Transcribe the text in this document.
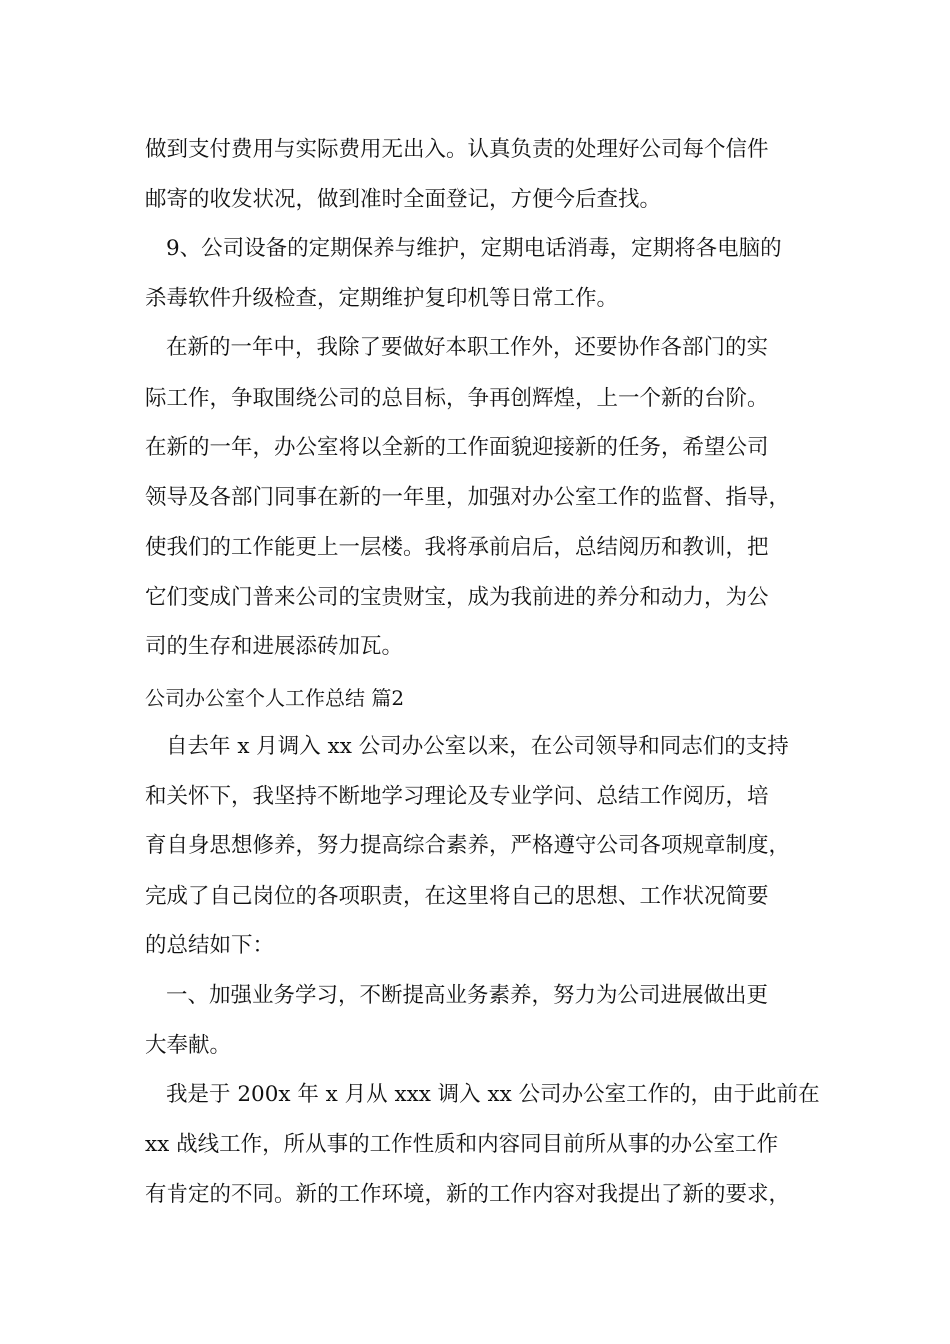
做到支付费用与实际费用无出入。认真负责的处理好公司每个信件
邮寄的收发状况，做到准时全面登记，方便今后查找。
9、公司设备的定期保养与维护，定期电话消毒，定期将各电脑的
杀毒软件升级检查，定期维护复印机等日常工作。
在新的一年中，我除了要做好本职工作外，还要协作各部门的实
际工作，争取围绕公司的总目标，争再创辉煌，上一个新的台阶。
在新的一年，办公室将以全新的工作面貌迎接新的任务，希望公司
领导及各部门同事在新的一年里，加强对办公室工作的监督、指导，
使我们的工作能更上一层楼。我将承前启后，总结阅历和教训，把
它们变成门普来公司的宝贵财宝，成为我前进的养分和动力，为公
司的生存和进展添砖加瓦。
公司办公室个人工作总结 篇2
自去年 x 月调入 xx 公司办公室以来，在公司领导和同志们的支持
和关怀下，我坚持不断地学习理论及专业学问、总结工作阅历，培
育自身思想修养，努力提高综合素养，严格遵守公司各项规章制度，
完成了自己岗位的各项职责，在这里将自己的思想、工作状况简要
的总结如下：
一、加强业务学习，不断提高业务素养，努力为公司进展做出更
大奉献。
我是于 200x 年 x 月从 xxx 调入 xx 公司办公室工作的，由于此前在
xx 战线工作，所从事的工作性质和内容同目前所从事的办公室工作
有肯定的不同。新的工作环境，新的工作内容对我提出了新的要求，
